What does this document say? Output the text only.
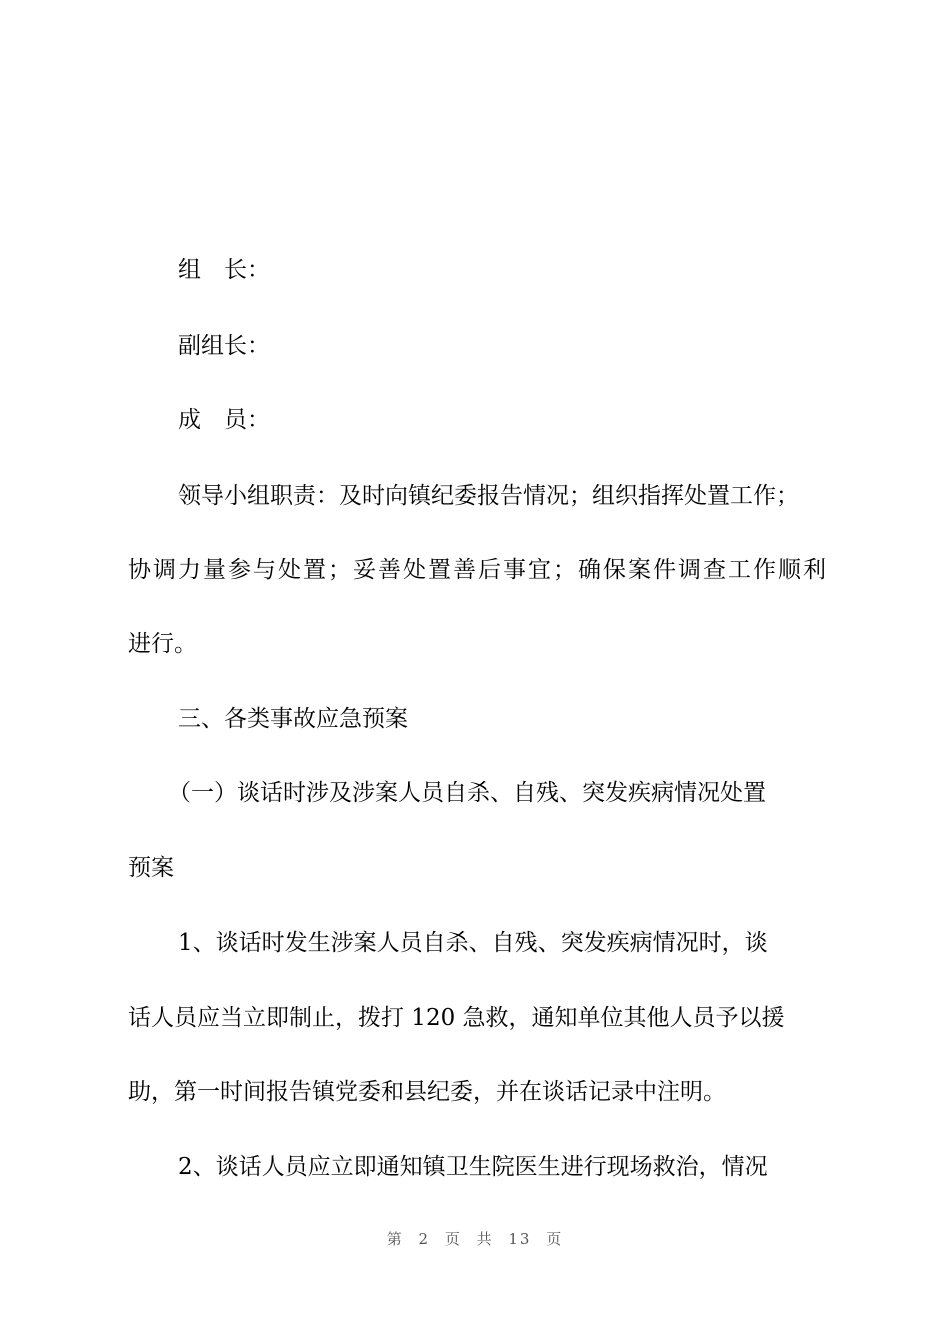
组　长：

副组长：

成　员：

领导小组职责：及时向镇纪委报告情况；组织指挥处置工作；

协调力量参与处置；妥善处置善后事宜；确保案件调查工作顺利

进行。

三、各类事故应急预案

（一）谈话时涉及涉案人员自杀、自残、突发疾病情况处置

预案

1、谈话时发生涉案人员自杀、自残、突发疾病情况时，谈

话人员应当立即制止，拨打 120 急救，通知单位其他人员予以援

助，第一时间报告镇党委和县纪委，并在谈话记录中注明。

2、谈话人员应立即通知镇卫生院医生进行现场救治，情况

第 2 页 共 13 页
